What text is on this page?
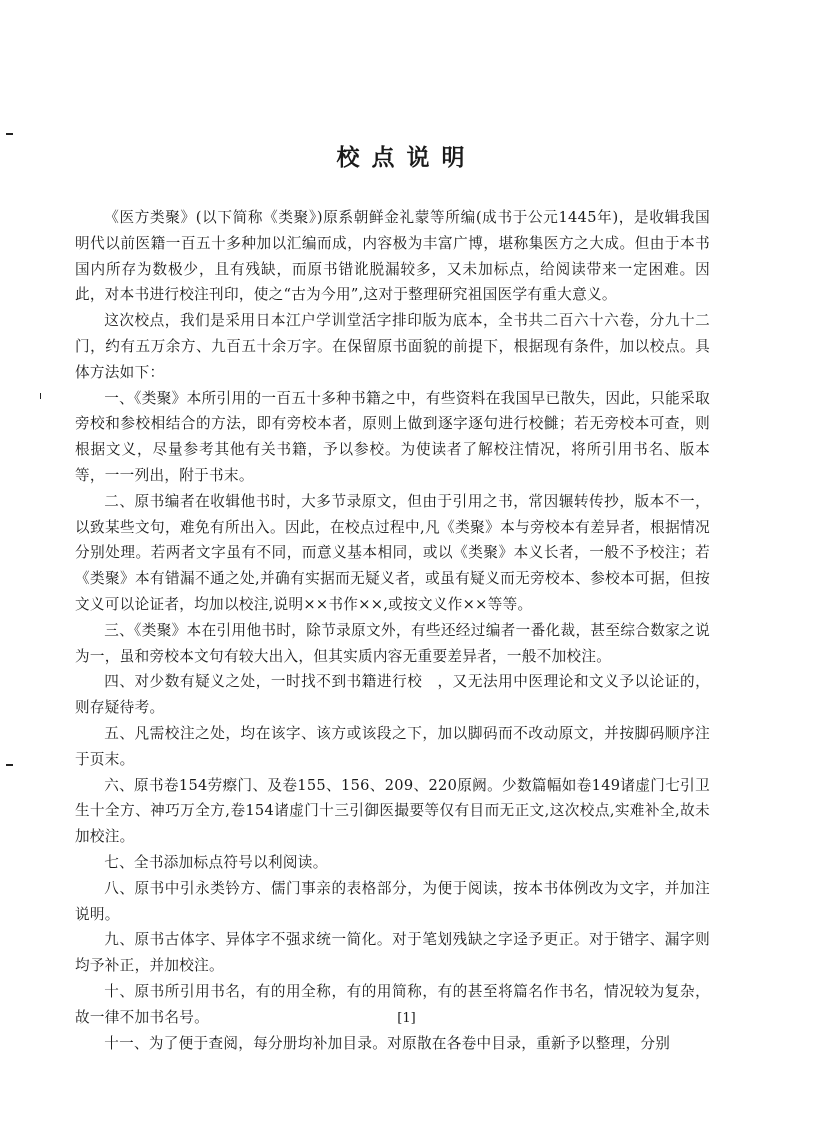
校点说明

《医方类聚》(以下简称《类聚》)原系朝鲜金礼蒙等所编(成书于公元1445年)，是收辑我国明代以前医籍一百五十多种加以汇编而成，内容极为丰富广博，堪称集医方之大成。但由于本书国内所存为数极少，且有残缺，而原书错讹脱漏较多，又未加标点，给阅读带来一定困难。因此，对本书进行校注刊印，使之“古为今用”,这对于整理研究祖国医学有重大意义。

这次校点，我们是采用日本江户学训堂活字排印版为底本，全书共二百六十六卷，分九十二门，约有五万余方、九百五十余万字。在保留原书面貌的前提下，根据现有条件，加以校点。具体方法如下：

一、《类聚》本所引用的一百五十多种书籍之中，有些资料在我国早已散失，因此，只能采取旁校和参校相结合的方法，即有旁校本者，原则上做到逐字逐句进行校雠；若无旁校本可查，则根据文义，尽量参考其他有关书籍，予以参校。为使读者了解校注情况，将所引用书名、版本等，一一列出，附于书末。

二、原书编者在收辑他书时，大多节录原文，但由于引用之书，常因辗转传抄，版本不一，以致某些文句，难免有所出入。因此，在校点过程中,凡《类聚》本与旁校本有差异者，根据情况分别处理。若两者文字虽有不同，而意义基本相同，或以《类聚》本义长者，一般不予校注；若《类聚》本有错漏不通之处,并确有实据而无疑义者，或虽有疑义而无旁校本、参校本可据，但按文义可以论证者，均加以校注,说明××书作××,或按文义作××等等。

三、《类聚》本在引用他书时，除节录原文外，有些还经过编者一番化裁，甚至综合数家之说为一，虽和旁校本文句有较大出入，但其实质内容无重要差异者，一般不加校注。

四、对少数有疑义之处，一时找不到书籍进行校　，又无法用中医理论和文义予以论证的，则存疑待考。

五、凡需校注之处，均在该字、该方或该段之下，加以脚码而不改动原文，并按脚码顺序注于页末。

六、原书卷154劳瘵门、及卷155、156、209、220原阙。少数篇幅如卷149诸虚门七引卫生十全方、神巧万全方,卷154诸虚门十三引御医撮要等仅有目而无正文,这次校点,实难补全,故未加校注。

七、全书添加标点符号以利阅读。

八、原书中引永类钤方、儒门事亲的表格部分，为便于阅读，按本书体例改为文字，并加注说明。

九、原书古体字、异体字不强求统一简化。对于笔划残缺之字迳予更正。对于错字、漏字则均予补正，并加校注。

十、原书所引用书名，有的用全称，有的用简称，有的甚至将篇名作书名，情况较为复杂，故一律不加书名号。

十一、为了便于查阅，每分册均补加目录。对原散在各卷中目录，重新予以整理，分别

[1]
